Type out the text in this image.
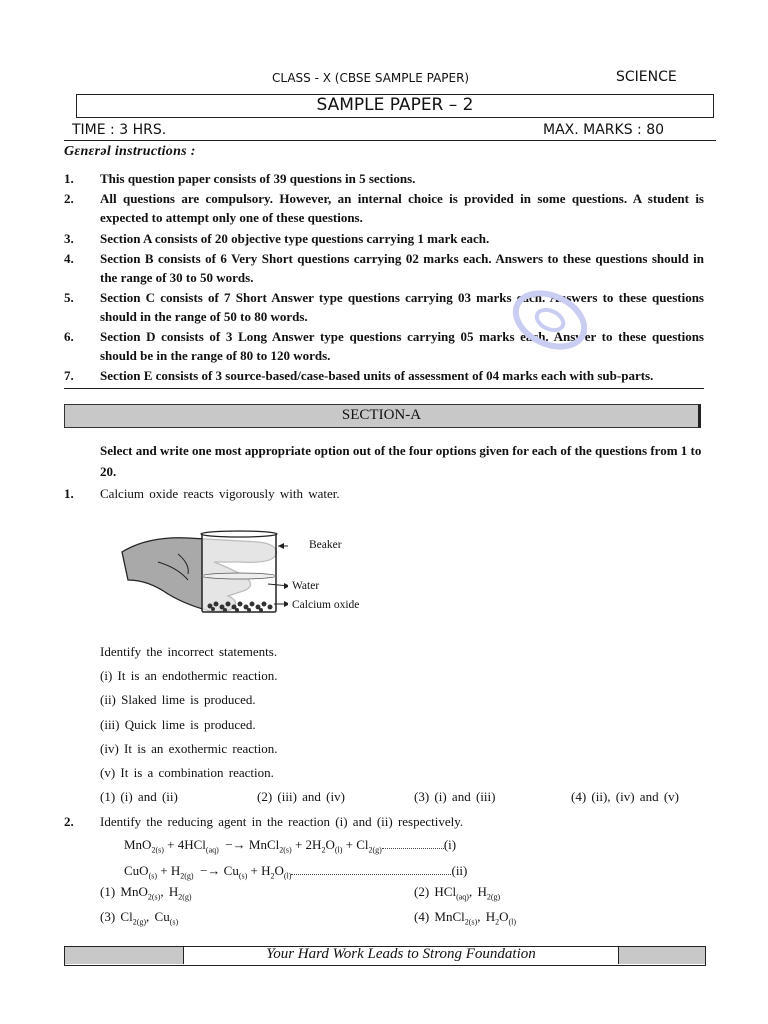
CLASS - X (CBSE SAMPLE PAPER)	SCIENCE
SAMPLE PAPER – 2
TIME : 3 HRS.	MAX. MARKS : 80
Gɛnɛrəl instructions :
1.	This question paper consists of 39 questions in 5 sections.
2.	All questions are compulsory. However, an internal choice is provided in some questions. A student is expected to attempt only one of these questions.
3.	Section A consists of 20 objective type questions carrying 1 mark each.
4.	Section B consists of 6 Very Short questions carrying 02 marks each. Answers to these questions should in the range of 30 to 50 words.
5.	Section C consists of 7 Short Answer type questions carrying 03 marks each. Answers to these questions should in the range of 50 to 80 words.
6.	Section D consists of 3 Long Answer type questions carrying 05 marks each. Answer to these questions should be in the range of 80 to 120 words.
7.	Section E consists of 3 source-based/case-based units of assessment of 04 marks each with sub-parts.
SECTION-A
Select and write one most appropriate option out of the four options given for each of the questions from 1 to 20.
1. Calcium oxide reacts vigorously with water.
Beaker
Water
Calcium oxide
Identify the incorrect statements.
(i) It is an endothermic reaction.
(ii) Slaked lime is produced.
(iii) Quick lime is produced.
(iv) It is an exothermic reaction.
(v) It is a combination reaction.
(1) (i) and (ii)	(2) (iii) and (iv)	(3) (i) and (iii)	(4) (ii), (iv) and (v)
2. Identify the reducing agent in the reaction (i) and (ii) respectively.
MnO$_{2(s)}$ + 4HCl$_{(aq)}$  −→ MnCl$_{2(s)}$ + $2H_2O_{(l)} + Cl_{2(g)}$	(i)
$CuO_{(s)} + H_{2(g)} -\to Cu_{(s)} + H_2O_{(l)}$	(ii)
(1) MnO$_{2(s)}$, $H_{2(g)}$	(2) HCl$_{(aq)}$, $H_{2(g)}$
(3) $Cl_{2(g)}$, $Cu_{(s)}$	(4) MnCl$_{2(s)}$, $H_2O_{(l)}$
Your Hard Work Leads to Strong Foundation
